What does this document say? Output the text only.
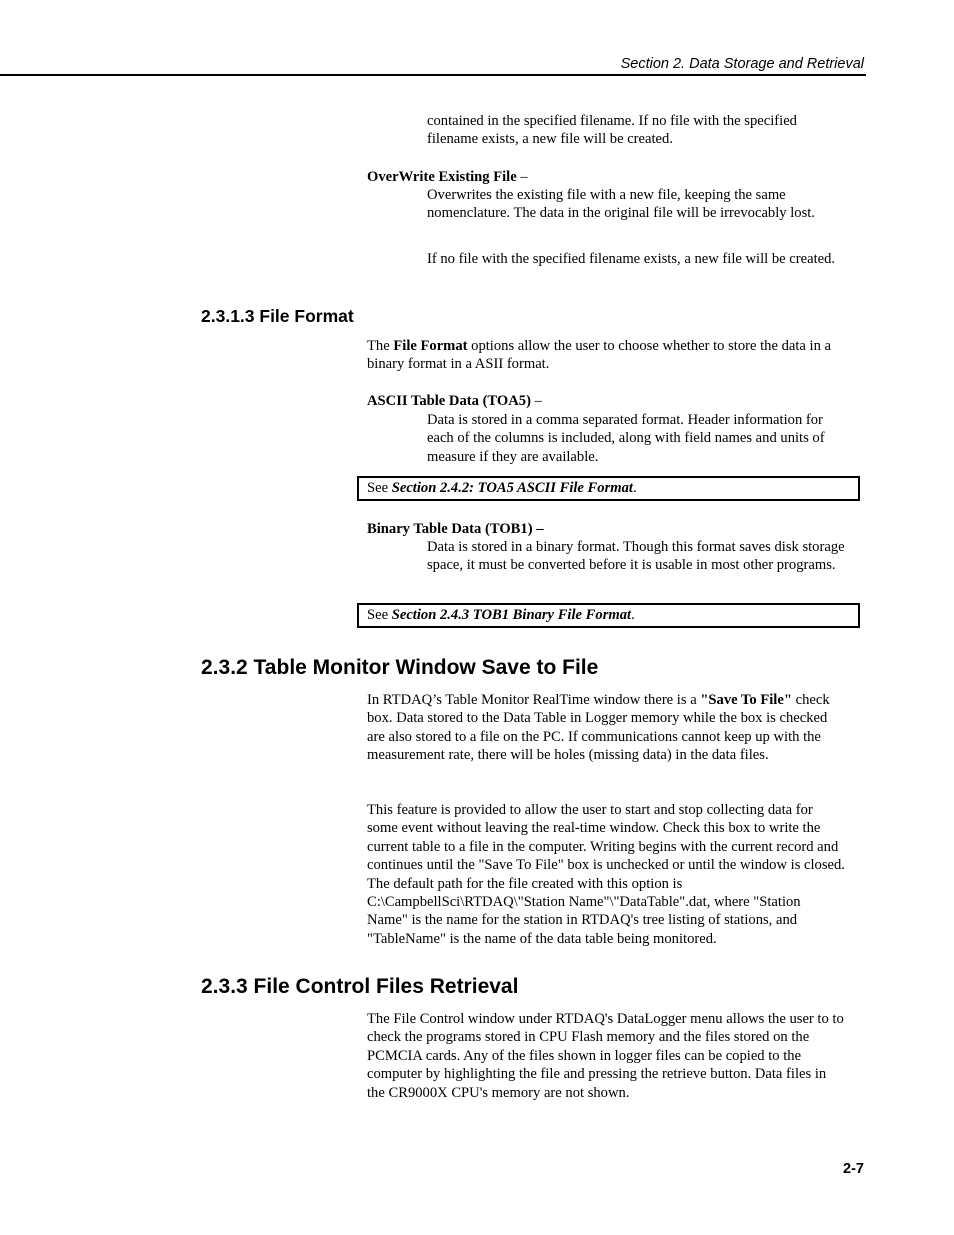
Section 2. Data Storage and Retrieval

contained in the specified filename. If no file with the specified filename exists, a new file will be created.

OverWrite Existing File –

Overwrites the existing file with a new file, keeping the same nomenclature. The data in the original file will be irrevocably lost.

If no file with the specified filename exists, a new file will be created.

2.3.1.3 File Format

The File Format options allow the user to choose whether to store the data in a binary format in a ASII format.

ASCII Table Data (TOA5) –

Data is stored in a comma separated format. Header information for each of the columns is included, along with field names and units of measure if they are available.

See Section 2.4.2: TOA5 ASCII File Format.
Binary Table Data (TOB1) –

Data is stored in a binary format. Though this format saves disk storage space, it must be converted before it is usable in most other programs.

See Section 2.4.3 TOB1 Binary File Format.
2.3.2 Table Monitor Window Save to File

In RTDAQ’s Table Monitor RealTime window there is a "Save To File" check box. Data stored to the Data Table in Logger memory while the box is checked are also stored to a file on the PC. If communications cannot keep up with the measurement rate, there will be holes (missing data) in the data files.

This feature is provided to allow the user to start and stop collecting data for some event without leaving the real-time window. Check this box to write the current table to a file in the computer. Writing begins with the current record and continues until the "Save To File" box is unchecked or until the window is closed. The default path for the file created with this option is C:\CampbellSci\RTDAQ\"Station Name"\"DataTable".dat, where "Station Name" is the name for the station in RTDAQ's tree listing of stations, and "TableName" is the name of the data table being monitored.

2.3.3 File Control Files Retrieval

The File Control window under RTDAQ's DataLogger menu allows the user to to check the programs stored in CPU Flash memory and the files stored on the PCMCIA cards. Any of the files shown in logger files can be copied to the computer by highlighting the file and pressing the retrieve button. Data files in the CR9000X CPU's memory are not shown.

2-7
